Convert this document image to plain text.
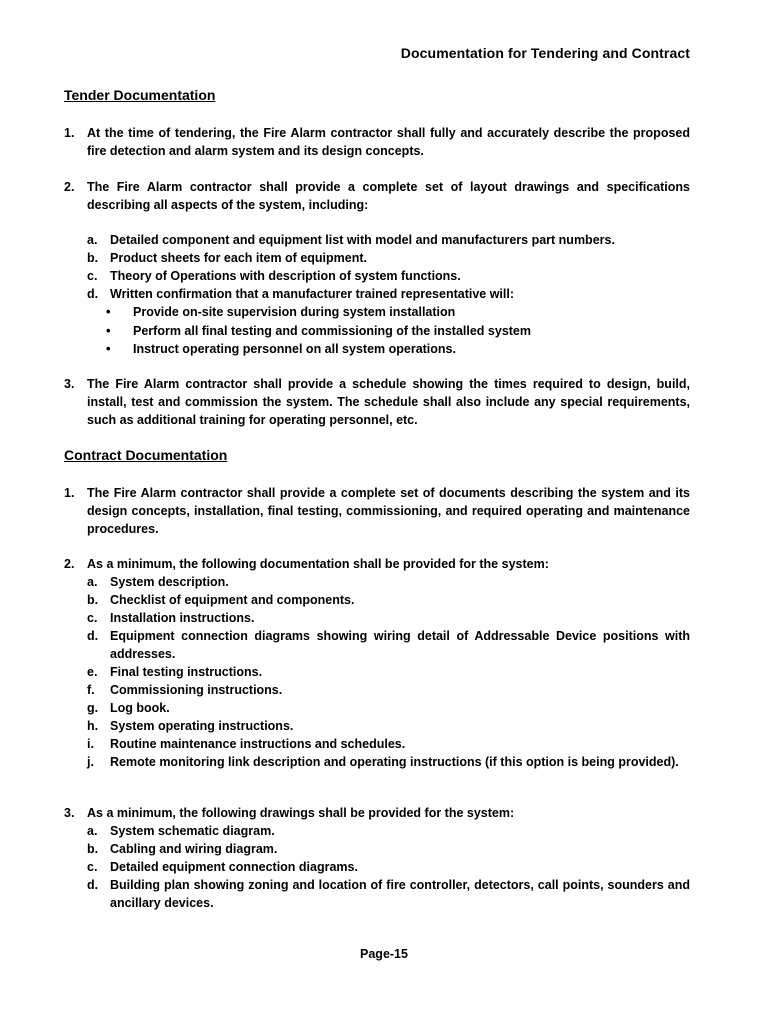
Documentation for Tendering and Contract
Tender Documentation
1. At the time of tendering, the Fire Alarm contractor shall fully and accurately describe the proposed fire detection and alarm system and its design concepts.
2. The Fire Alarm contractor shall provide a complete set of layout drawings and specifications describing all aspects of the system, including:
a. Detailed component and equipment list with model and manufacturers part numbers.
b. Product sheets for each item of equipment.
c. Theory of Operations with description of system functions.
d. Written confirmation that a manufacturer trained representative will:
• Provide on-site supervision during system installation
• Perform all final testing and commissioning of the installed system
• Instruct operating personnel on all system operations.
3. The Fire Alarm contractor shall provide a schedule showing the times required to design, build, install, test and commission the system. The schedule shall also include any special requirements, such as additional training for operating personnel, etc.
Contract Documentation
1. The Fire Alarm contractor shall provide a complete set of documents describing the system and its design concepts, installation, final testing, commissioning, and required operating and maintenance procedures.
2. As a minimum, the following documentation shall be provided for the system:
a. System description.
b. Checklist of equipment and components.
c. Installation instructions.
d. Equipment connection diagrams showing wiring detail of Addressable Device positions with addresses.
e. Final testing instructions.
f. Commissioning instructions.
g. Log book.
h. System operating instructions.
i. Routine maintenance instructions and schedules.
j. Remote monitoring link description and operating instructions (if this option is being provided).
3. As a minimum, the following drawings shall be provided for the system:
a. System schematic diagram.
b. Cabling and wiring diagram.
c. Detailed equipment connection diagrams.
d. Building plan showing zoning and location of fire controller, detectors, call points, sounders and ancillary devices.
Page-15
